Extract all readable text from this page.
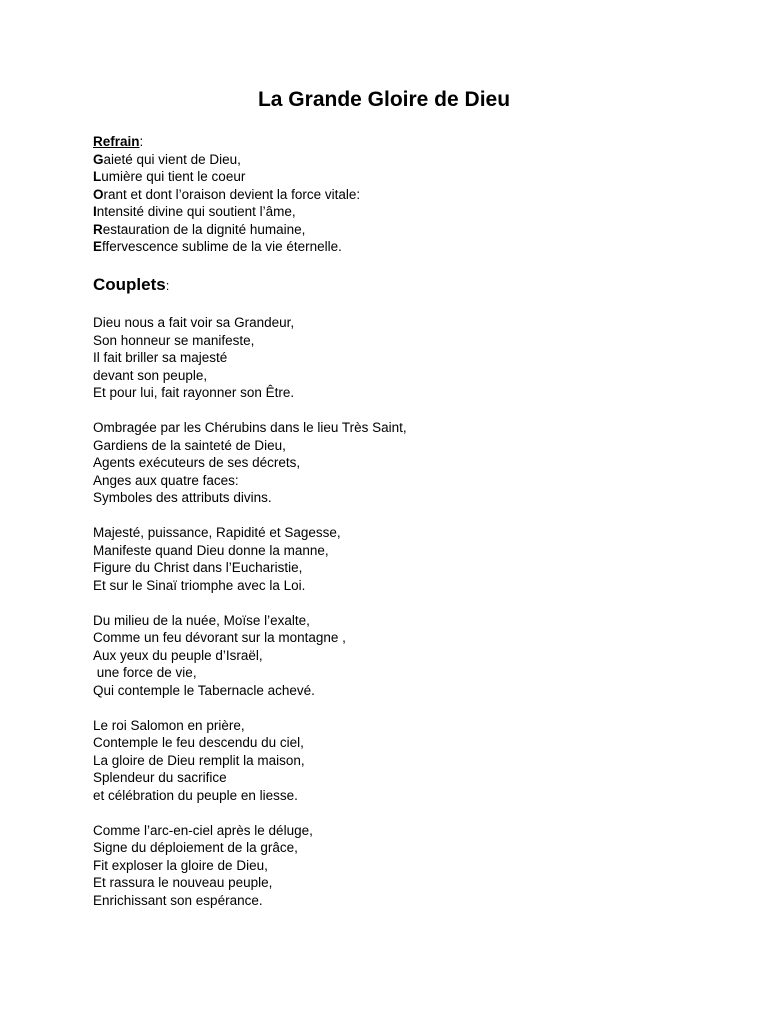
La Grande Gloire de Dieu
Refrain:
Gaieté qui vient de Dieu,
Lumière qui tient le coeur
Orant et dont l’oraison devient la force vitale:
Intensité divine qui soutient l’âme,
Restauration de la dignité humaine,
Effervescence sublime de la vie éternelle.
Couplets:
Dieu nous a fait voir sa Grandeur,
Son honneur se manifeste,
Il fait briller sa majesté
devant son peuple,
Et pour lui, fait rayonner son Être.
Ombragée par les Chérubins dans le lieu Très Saint,
Gardiens de la sainteté de Dieu,
Agents exécuteurs de ses décrets,
Anges aux quatre faces:
Symboles des attributs divins.
Majesté, puissance, Rapidité et Sagesse,
Manifeste quand Dieu donne la manne,
Figure du Christ dans l’Eucharistie,
Et sur le Sinaï triomphe avec la Loi.
Du milieu de la nuée, Moïse l’exalte,
Comme un feu dévorant sur la montagne ,
Aux yeux du peuple d’Israël,
une force de vie,
Qui contemple le Tabernacle achevé.
Le roi Salomon en prière,
Contemple le feu descendu du ciel,
La gloire de Dieu remplit la maison,
Splendeur du sacrifice
et célébration du peuple en liesse.
Comme l’arc-en-ciel après le déluge,
Signe du déploiement de la grâce,
Fit exploser la gloire de Dieu,
Et rassura le nouveau peuple,
Enrichissant son espérance.
